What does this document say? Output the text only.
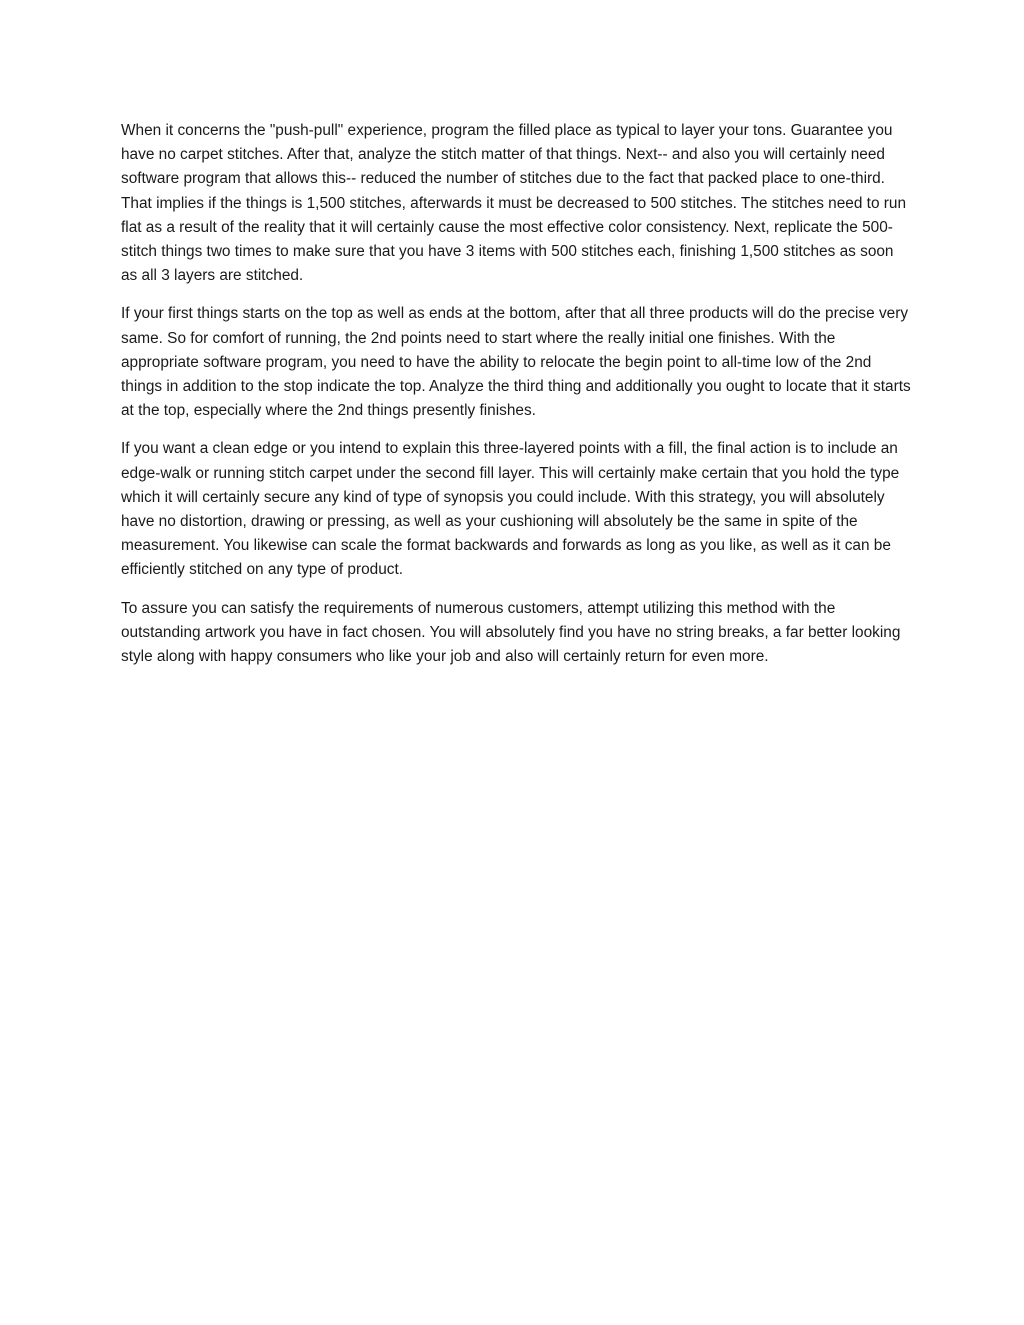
When it concerns the "push-pull" experience, program the filled place as typical to layer your tons. Guarantee you have no carpet stitches. After that, analyze the stitch matter of that things. Next-- and also you will certainly need software program that allows this-- reduced the number of stitches due to the fact that packed place to one-third. That implies if the things is 1,500 stitches, afterwards it must be decreased to 500 stitches. The stitches need to run flat as a result of the reality that it will certainly cause the most effective color consistency. Next, replicate the 500-stitch things two times to make sure that you have 3 items with 500 stitches each, finishing 1,500 stitches as soon as all 3 layers are stitched.

If your first things starts on the top as well as ends at the bottom, after that all three products will do the precise very same. So for comfort of running, the 2nd points need to start where the really initial one finishes. With the appropriate software program, you need to have the ability to relocate the begin point to all-time low of the 2nd things in addition to the stop indicate the top. Analyze the third thing and additionally you ought to locate that it starts at the top, especially where the 2nd things presently finishes.

If you want a clean edge or you intend to explain this three-layered points with a fill, the final action is to include an edge-walk or running stitch carpet under the second fill layer. This will certainly make certain that you hold the type which it will certainly secure any kind of type of synopsis you could include. With this strategy, you will absolutely have no distortion, drawing or pressing, as well as your cushioning will absolutely be the same in spite of the measurement. You likewise can scale the format backwards and forwards as long as you like, as well as it can be efficiently stitched on any type of product.

To assure you can satisfy the requirements of numerous customers, attempt utilizing this method with the outstanding artwork you have in fact chosen. You will absolutely find you have no string breaks, a far better looking style along with happy consumers who like your job and also will certainly return for even more.
